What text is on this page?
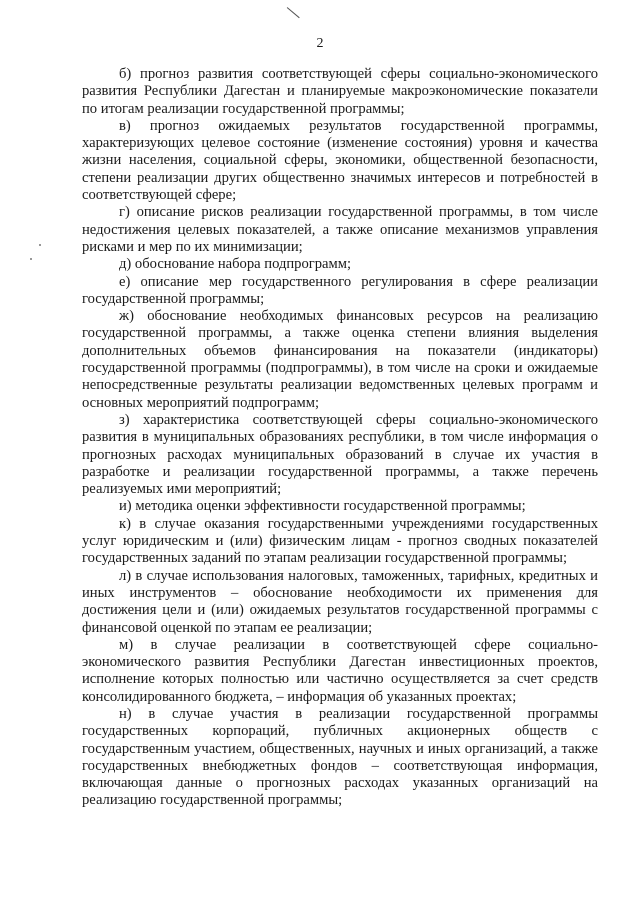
2

б) прогноз развития соответствующей сферы социально-экономического развития Республики Дагестан и планируемые макроэкономические показатели по итогам реализации государственной программы;

в) прогноз ожидаемых результатов государственной программы, характеризующих целевое состояние (изменение состояния) уровня и качества жизни населения, социальной сферы, экономики, общественной безопасности, степени реализации других общественно значимых интересов и потребностей в соответствующей сфере;

г) описание рисков реализации государственной программы, в том числе недостижения целевых показателей, а также описание механизмов управления рисками и мер по их минимизации;

д) обоснование набора подпрограмм;

е) описание мер государственного регулирования в сфере реализации государственной программы;

ж) обоснование необходимых финансовых ресурсов на реализацию государственной программы, а также оценка степени влияния выделения дополнительных объемов финансирования на показатели (индикаторы) государственной программы (подпрограммы), в том числе на сроки и ожидаемые непосредственные результаты реализации ведомственных целевых программ и основных мероприятий подпрограмм;

з) характеристика соответствующей сферы социально-экономического развития в муниципальных образованиях республики, в том числе информация о прогнозных расходах муниципальных образований в случае их участия в разработке и реализации государственной программы, а также перечень реализуемых ими мероприятий;

и) методика оценки эффективности государственной программы;

к) в случае оказания государственными учреждениями государственных услуг юридическим и (или) физическим лицам - прогноз сводных показателей государственных заданий по этапам реализации государственной программы;

л) в случае использования налоговых, таможенных, тарифных, кредитных и иных инструментов – обоснование необходимости их применения для достижения цели и (или) ожидаемых результатов государственной программы с финансовой оценкой по этапам ее реализации;

м) в случае реализации в соответствующей сфере социально-экономического развития Республики Дагестан инвестиционных проектов, исполнение которых полностью или частично осуществляется за счет средств консолидированного бюджета, – информация об указанных проектах;

н) в случае участия в реализации государственной программы государственных корпораций, публичных акционерных обществ с государственным участием, общественных, научных и иных организаций, а также государственных внебюджетных фондов – соответствующая информация, включающая данные о прогнозных расходах указанных организаций на реализацию государственной программы;
